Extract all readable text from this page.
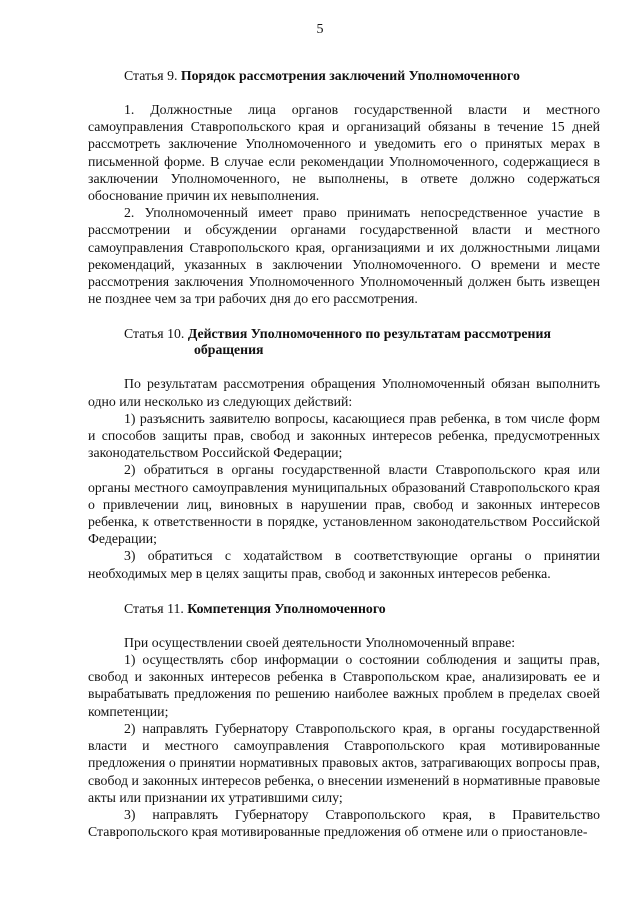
5
Статья 9. Порядок рассмотрения заключений Уполномоченного

1. Должностные лица органов государственной власти и местного самоуправления Ставропольского края и организаций обязаны в течение 15 дней рассмотреть заключение Уполномоченного и уведомить его о принятых мерах в письменной форме. В случае если рекомендации Уполномоченного, содержащиеся в заключении Уполномоченного, не выполнены, в ответе должно содержаться обоснование причин их невыполнения.

2. Уполномоченный имеет право принимать непосредственное участие в рассмотрении и обсуждении органами государственной власти и местного самоуправления Ставропольского края, организациями и их должностными лицами рекомендаций, указанных в заключении Уполномоченного. О времени и месте рассмотрения заключения Уполномоченного Уполномоченный должен быть извещен не позднее чем за три рабочих дня до его рассмотрения.

Статья 10. Действия Уполномоченного по результатам рассмотрения
обращения

По результатам рассмотрения обращения Уполномоченный обязан выполнить одно или несколько из следующих действий:

1) разъяснить заявителю вопросы, касающиеся прав ребенка, в том числе форм и способов защиты прав, свобод и законных интересов ребенка, предусмотренных законодательством Российской Федерации;

2) обратиться в органы государственной власти Ставропольского края или органы местного самоуправления муниципальных образований Ставропольского края о привлечении лиц, виновных в нарушении прав, свобод и законных интересов ребенка, к ответственности в порядке, установленном законодательством Российской Федерации;

3) обратиться с ходатайством в соответствующие органы о принятии необходимых мер в целях защиты прав, свобод и законных интересов ребенка.

Статья 11. Компетенция Уполномоченного

При осуществлении своей деятельности Уполномоченный вправе:

1) осуществлять сбор информации о состоянии соблюдения и защиты прав, свобод и законных интересов ребенка в Ставропольском крае, анализировать ее и вырабатывать предложения по решению наиболее важных проблем в пределах своей компетенции;

2) направлять Губернатору Ставропольского края, в органы государственной власти и местного самоуправления Ставропольского края мотивированные предложения о принятии нормативных правовых актов, затрагивающих вопросы прав, свобод и законных интересов ребенка, о внесении изменений в нормативные правовые акты или признании их утратившими силу;

3) направлять Губернатору Ставропольского края, в Правительство Ставропольского края мотивированные предложения об отмене или о приостановле-
